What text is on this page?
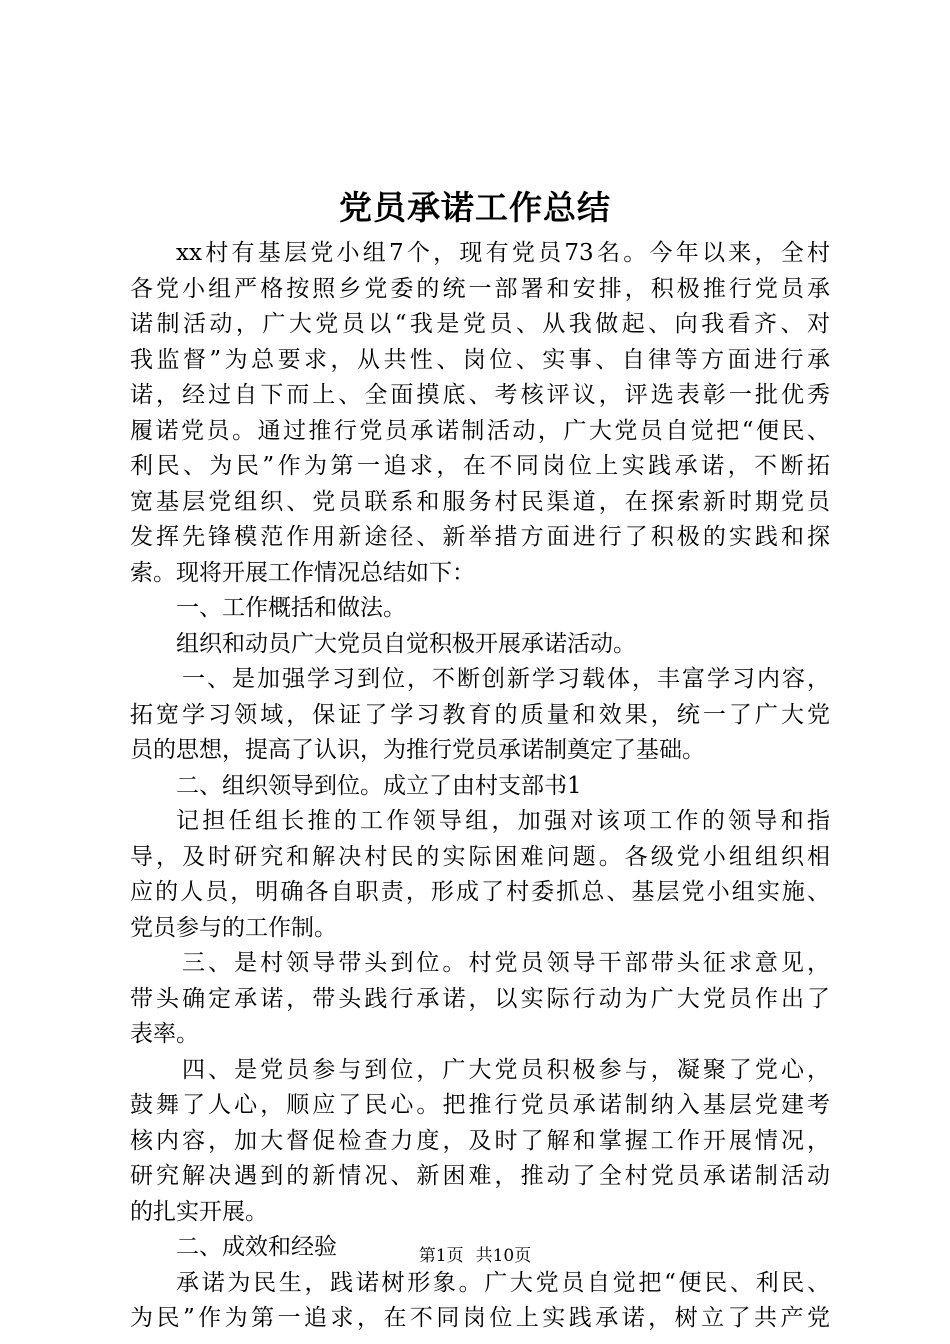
党员承诺工作总结
xx村有基层党小组7个，现有党员73名。今年以来，全村
各党小组严格按照乡党委的统一部署和安排，积极推行党员承
诺制活动，广大党员以“我是党员、从我做起、向我看齐、对
我监督”为总要求，从共性、岗位、实事、自律等方面进行承
诺，经过自下而上、全面摸底、考核评议，评选表彰一批优秀
履诺党员。通过推行党员承诺制活动，广大党员自觉把“便民、
利民、为民”作为第一追求，在不同岗位上实践承诺，不断拓
宽基层党组织、党员联系和服务村民渠道，在探索新时期党员
发挥先锋模范作用新途径、新举措方面进行了积极的实践和探
索。现将开展工作情况总结如下：
一、工作概括和做法。
组织和动员广大党员自觉积极开展承诺活动。
一、是加强学习到位，不断创新学习载体，丰富学习内容，
拓宽学习领域，保证了学习教育的质量和效果，统一了广大党
员的思想，提高了认识，为推行党员承诺制奠定了基础。
二、组织领导到位。成立了由村支部书1
记担任组长推的工作领导组，加强对该项工作的领导和指
导，及时研究和解决村民的实际困难问题。各级党小组组织相
应的人员，明确各自职责，形成了村委抓总、基层党小组实施、
党员参与的工作制。
三、是村领导带头到位。村党员领导干部带头征求意见，
带头确定承诺，带头践行承诺，以实际行动为广大党员作出了
表率。
四、是党员参与到位，广大党员积极参与，凝聚了党心，
鼓舞了人心，顺应了民心。把推行党员承诺制纳入基层党建考
核内容，加大督促检查力度，及时了解和掌握工作开展情况，
研究解决遇到的新情况、新困难，推动了全村党员承诺制活动
的扎实开展。
二、成效和经验
承诺为民生，践诺树形象。广大党员自觉把“便民、利民、
为民”作为第一追求，在不同岗位上实践承诺，树立了共产党
第1页 共10页
